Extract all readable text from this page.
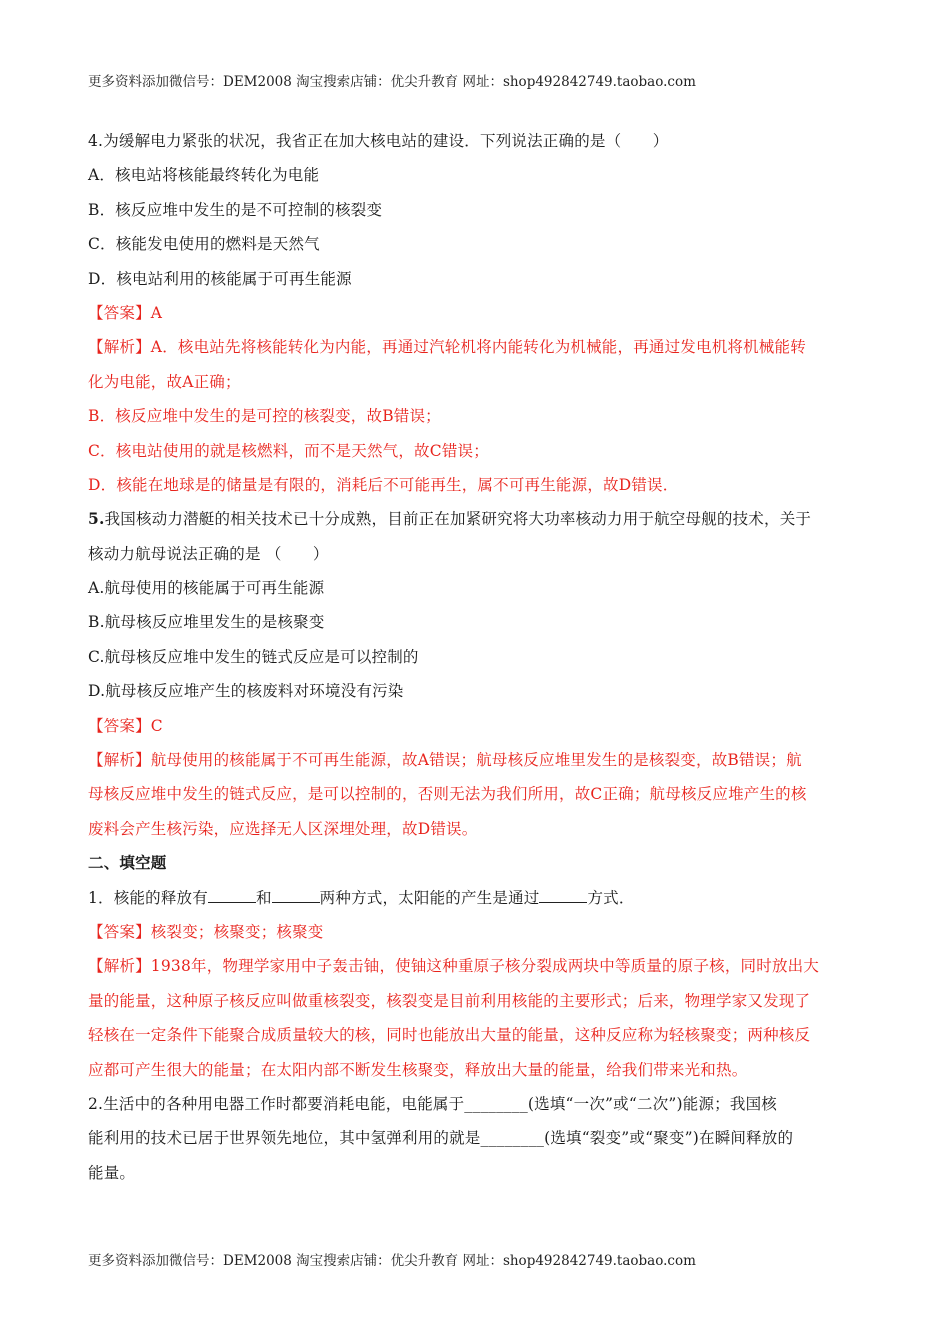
更多资料添加微信号：DEM2008 淘宝搜索店铺：优尖升教育 网址：shop492842749.taobao.com
4.为缓解电力紧张的状况，我省正在加大核电站的建设．下列说法正确的是（　　）
A．核电站将核能最终转化为电能
B．核反应堆中发生的是不可控制的核裂变
C．核能发电使用的燃料是天然气
D．核电站利用的核能属于可再生能源
【答案】A
【解析】A．核电站先将核能转化为内能，再通过汽轮机将内能转化为机械能，再通过发电机将机械能转
化为电能，故A正确；
B．核反应堆中发生的是可控的核裂变，故B错误；
C．核电站使用的就是核燃料，而不是天然气，故C错误；
D．核能在地球是的储量是有限的，消耗后不可能再生，属不可再生能源，故D错误．
5.我国核动力潜艇的相关技术已十分成熟，目前正在加紧研究将大功率核动力用于航空母舰的技术，关于
核动力航母说法正确的是 （　　）
A.航母使用的核能属于可再生能源
B.航母核反应堆里发生的是核聚变
C.航母核反应堆中发生的链式反应是可以控制的
D.航母核反应堆产生的核废料对环境没有污染
【答案】C
【解析】航母使用的核能属于不可再生能源，故A错误；航母核反应堆里发生的是核裂变，故B错误；航
母核反应堆中发生的链式反应，是可以控制的，否则无法为我们所用，故C正确；航母核反应堆产生的核
废料会产生核污染，应选择无人区深埋处理，故D错误。
二、填空题
1．核能的释放有	和	两种方式，太阳能的产生是通过	方式．
【答案】核裂变；核聚变；核聚变
【解析】1938年，物理学家用中子轰击铀，使铀这种重原子核分裂成两块中等质量的原子核，同时放出大
量的能量，这种原子核反应叫做重核裂变，核裂变是目前利用核能的主要形式；后来，物理学家又发现了
轻核在一定条件下能聚合成质量较大的核，同时也能放出大量的能量，这种反应称为轻核聚变；两种核反
应都可产生很大的能量；在太阳内部不断发生核聚变，释放出大量的能量，给我们带来光和热。
2.生活中的各种用电器工作时都要消耗电能，电能属于________(选填“一次”或“二次”)能源；我国核
能利用的技术已居于世界领先地位，其中氢弹利用的就是________(选填“裂变”或“聚变”)在瞬间释放的
能量。
更多资料添加微信号：DEM2008 淘宝搜索店铺：优尖升教育 网址：shop492842749.taobao.com
